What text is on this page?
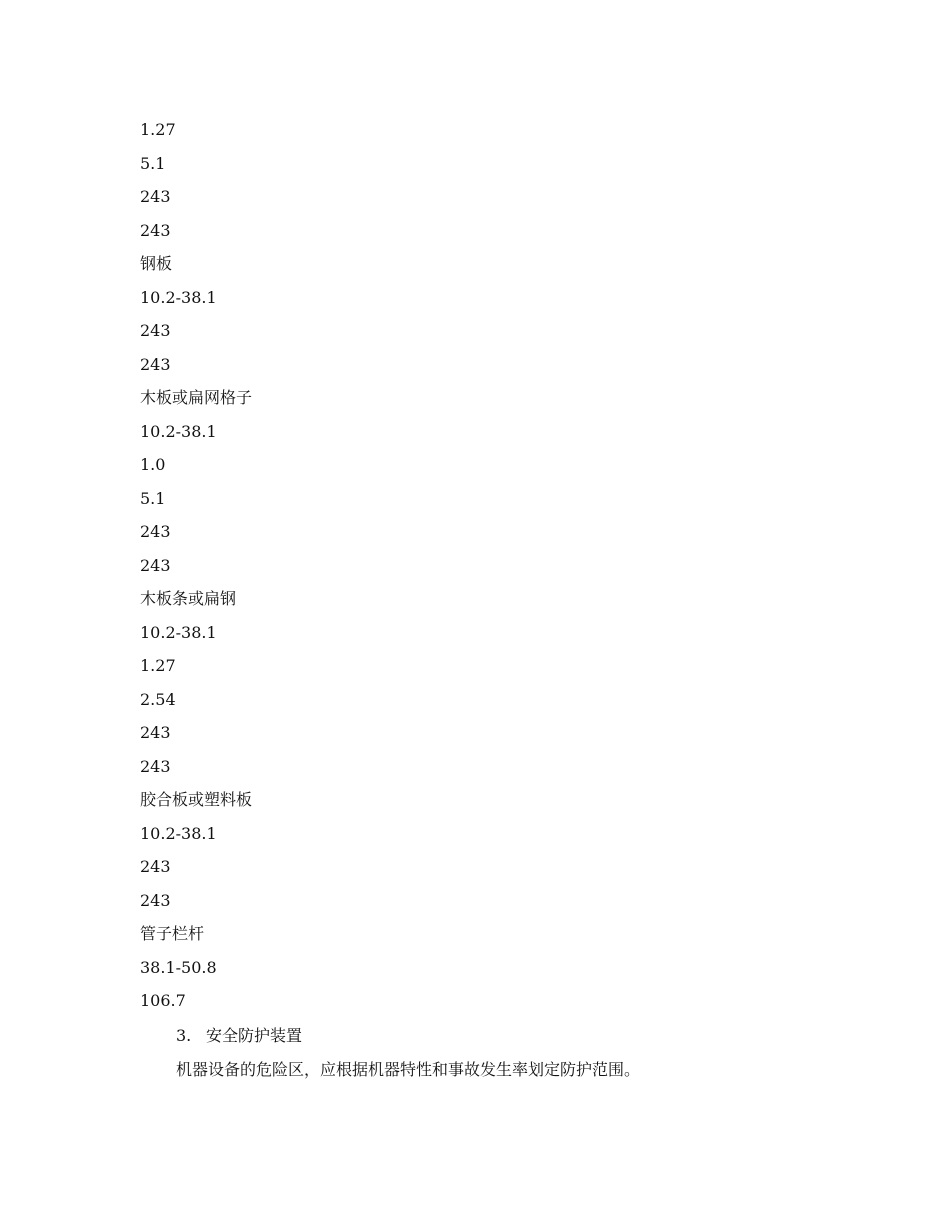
1.27
5.1
243
243
钢板
10.2-38.1
243
243
木板或扁网格子
10.2-38.1
1.0
5.1
243
243
木板条或扁钢
10.2-38.1
1.27
2.54
243
243
胶合板或塑料板
10.2-38.1
243
243
管子栏杆
38.1-50.8
106.7
3. 安全防护装置
机器设备的危险区，应根据机器特性和事故发生率划定防护范围。
